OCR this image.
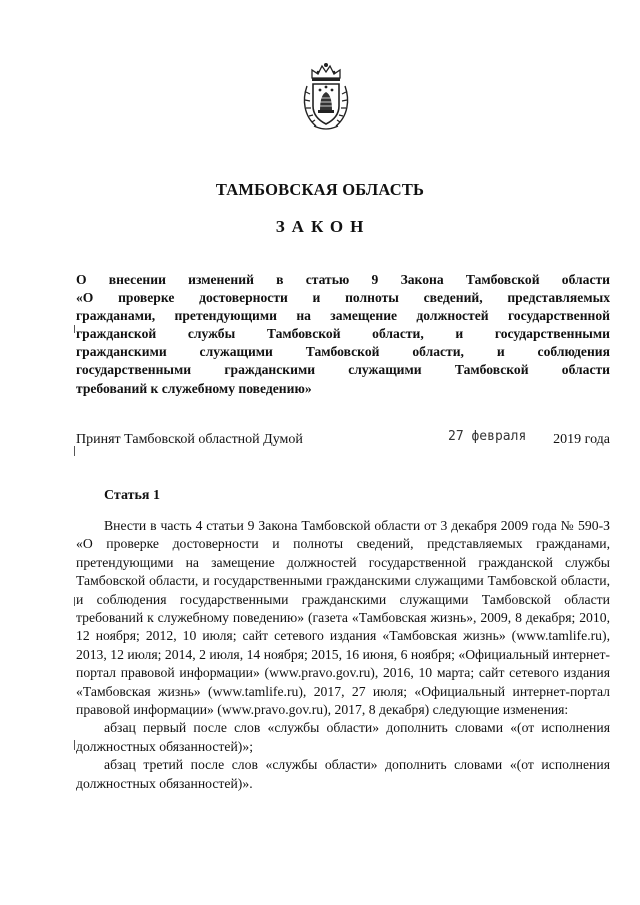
ТАМБОВСКАЯ ОБЛАСТЬ
ЗАКОН
О внесении изменений в статью 9 Закона Тамбовской области
«О проверке достоверности и полноты сведений, представляемых
гражданами, претендующими на замещение должностей государственной
гражданской службы Тамбовской области, и государственными
гражданскими служащими Тамбовской области, и соблюдения
государственными гражданскими служащими Тамбовской области
требований к служебному поведению»
Принят Тамбовской областной Думой	27 февраля 2019 года
Статья 1

Внести в часть 4 статьи 9 Закона Тамбовской области от 3 декабря 2009 года № 590-З «О проверке достоверности и полноты сведений, представляемых гражданами, претендующими на замещение должностей государственной гражданской службы Тамбовской области, и государственными гражданскими служащими Тамбовской области, и соблюдения государственными гражданскими служащими Тамбовской области требований к служебному поведению» (газета «Тамбовская жизнь», 2009, 8 декабря; 2010, 12 ноября; 2012, 10 июля; сайт сетевого издания «Тамбовская жизнь» (www.tamlife.ru), 2013, 12 июля; 2014, 2 июля, 14 ноября; 2015, 16 июня, 6 ноября; «Официальный интернет-портал правовой информации» (www.pravo.gov.ru), 2016, 10 марта; сайт сетевого издания «Тамбовская жизнь» (www.tamlife.ru), 2017, 27 июля; «Официальный интернет-портал правовой информации» (www.pravo.gov.ru), 2017, 8 декабря) следующие изменения:

абзац первый после слов «службы области» дополнить словами «(от исполнения должностных обязанностей)»;

абзац третий после слов «службы области» дополнить словами «(от исполнения должностных обязанностей)».
